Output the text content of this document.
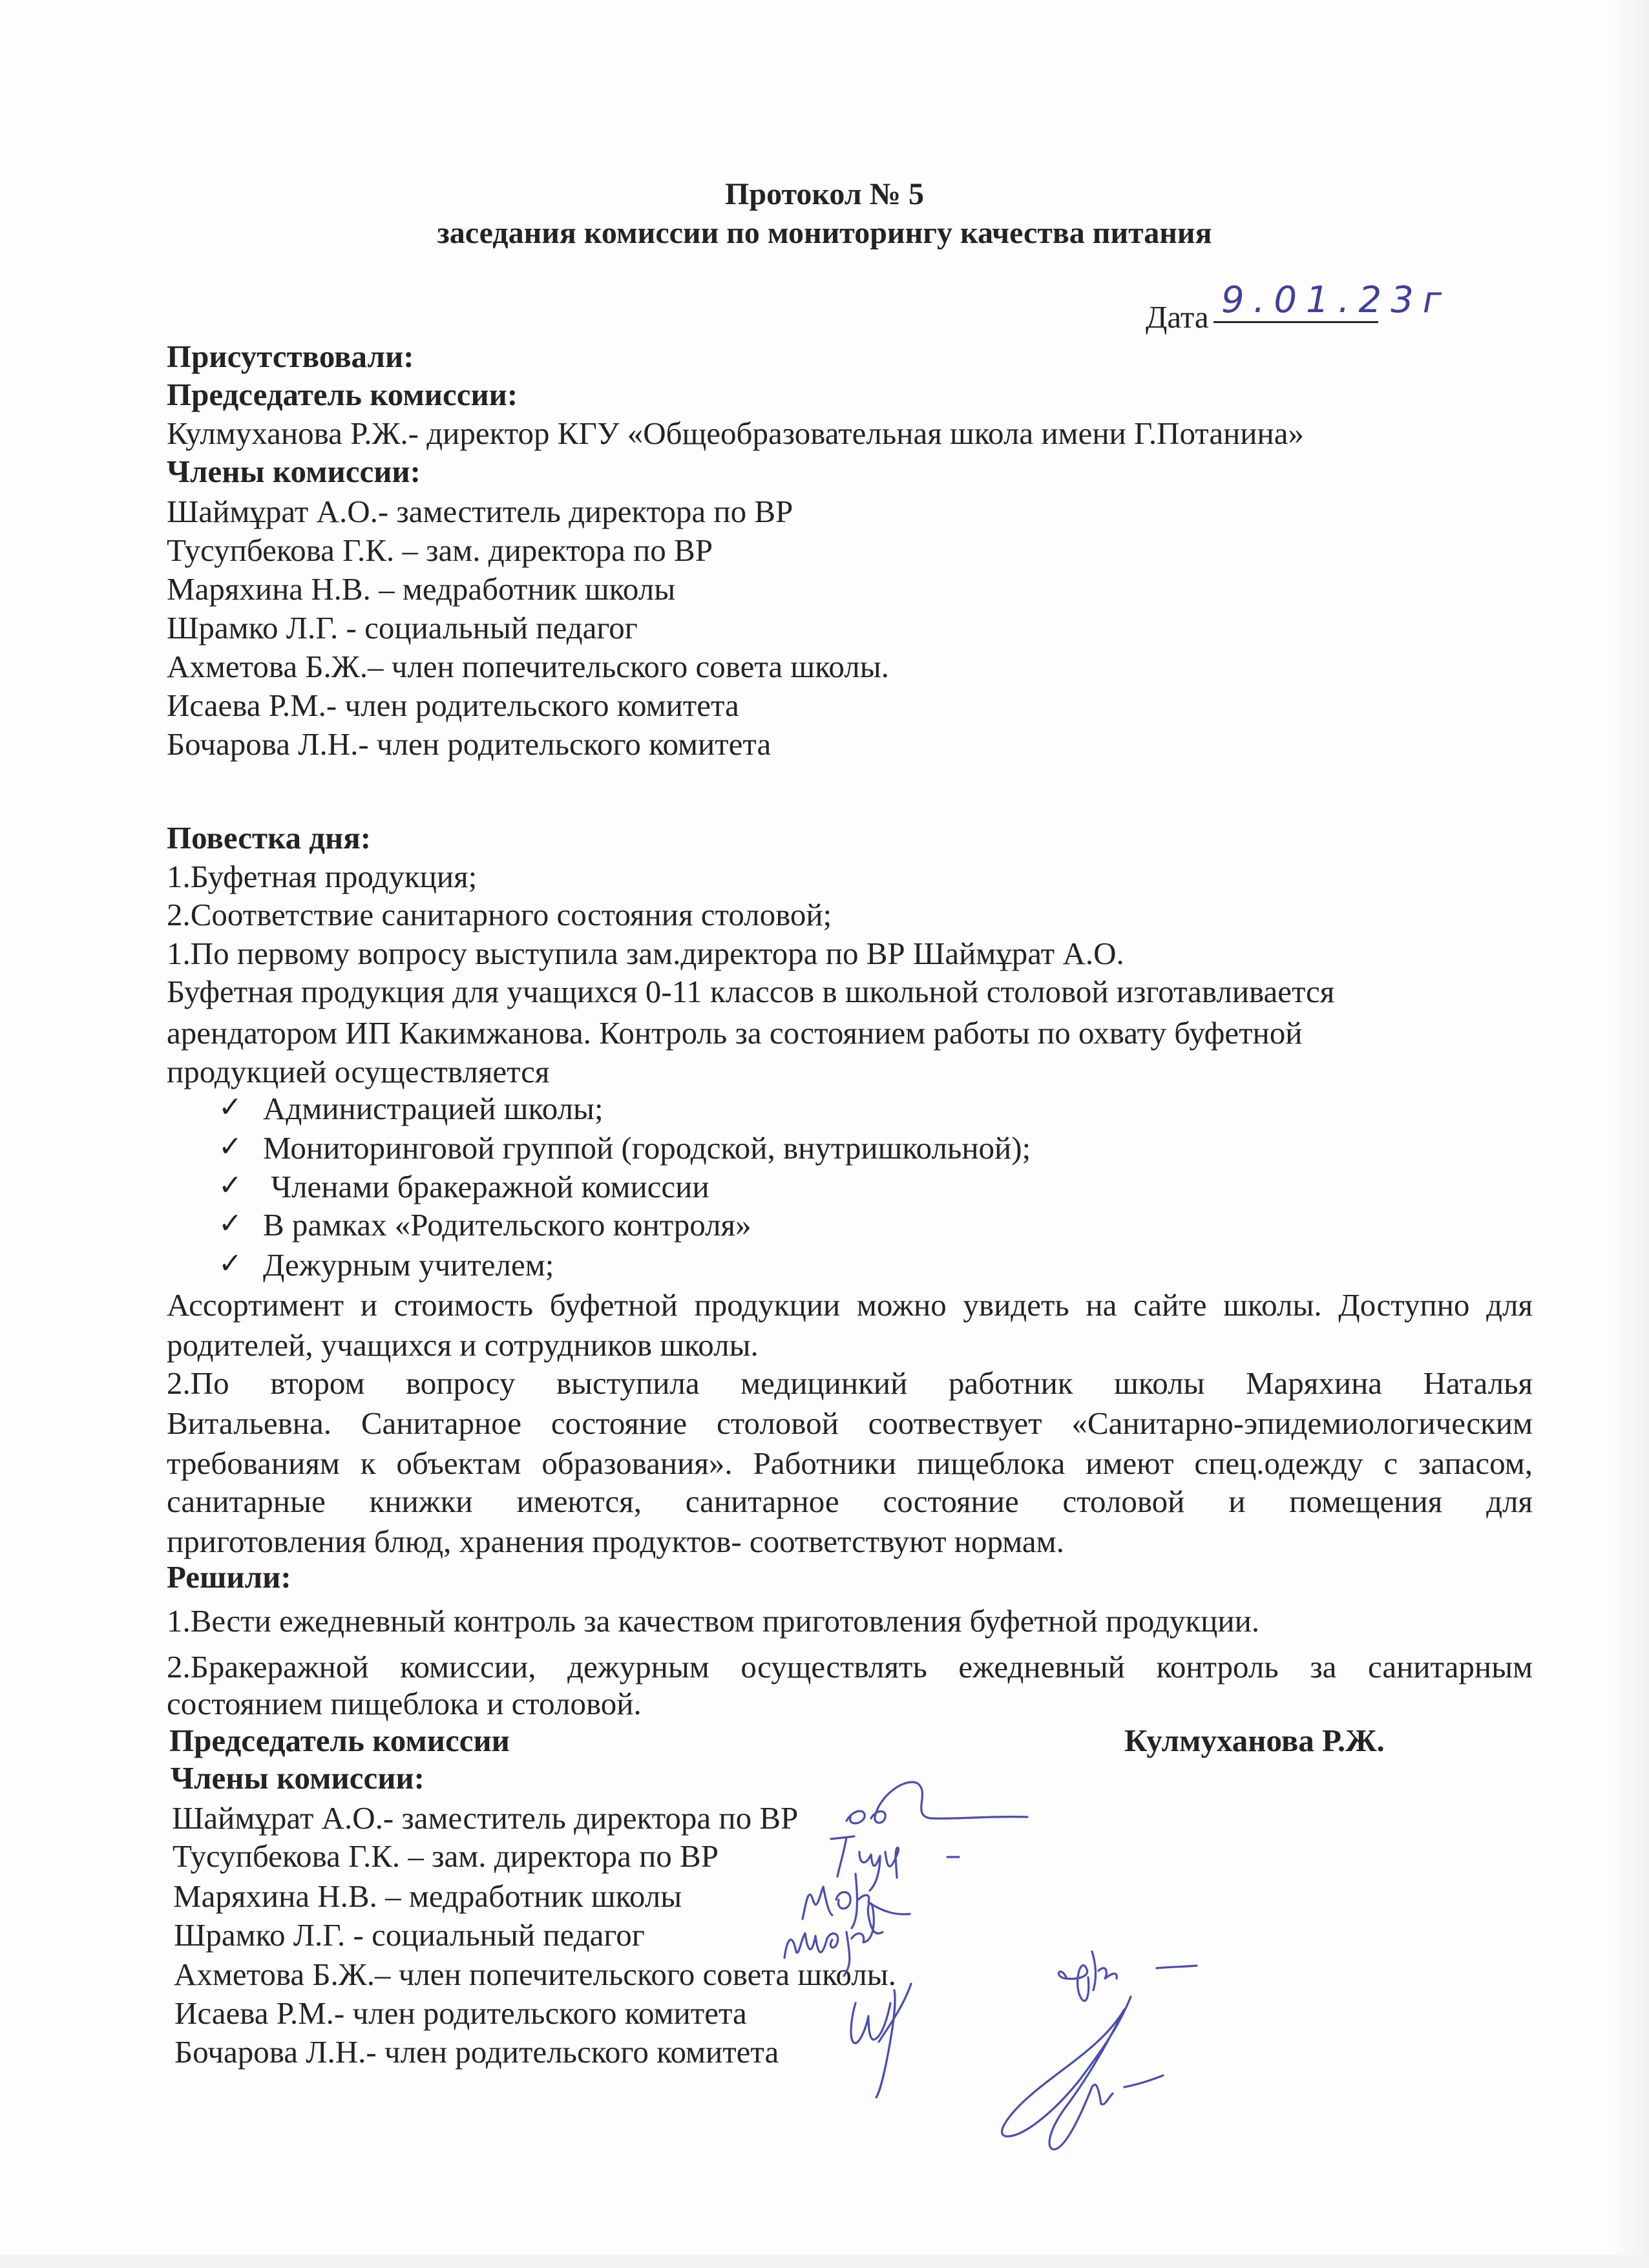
Протокол № 5
заседания комиссии по мониторингу качества питания
Дата 9.01.23г
Присутствовали:
Председатель комиссии:
Кулмуханова Р.Ж.- директор КГУ «Общеобразовательная школа имени Г.Потанина»
Члены комиссии:
Шаймұрат А.О.- заместитель директора по ВР
Тусупбекова Г.К. – зам. директора по ВР
Маряхина Н.В. – медработник школы
Шрамко Л.Г. - социальный педагог
Ахметова Б.Ж.– член попечительского совета школы.
Исаева Р.М.- член родительского комитета
Бочарова Л.Н.- член родительского комитета
Повестка дня:
1.Буфетная продукция;
2.Соответствие санитарного состояния столовой;
1.По первому вопросу выступила зам.директора по ВР Шаймұрат А.О.
Буфетная продукция для учащихся 0-11 классов в школьной столовой изготавливается
арендатором ИП Какимжанова. Контроль за состоянием работы по охвату буфетной
продукцией осуществляется
✓ Администрацией школы;
✓ Мониторинговой группой (городской, внутришкольной);
✓ Членами бракеражной комиссии
✓ В рамках «Родительского контроля»
✓ Дежурным учителем;
Ассортимент и стоимость буфетной продукции можно увидеть на сайте школы. Доступно для
родителей, учащихся и сотрудников школы.
2.По втором вопросу выступила медицинкий работник школы Маряхина Наталья
Витальевна. Санитарное состояние столовой соотвествует «Санитарно-эпидемиологическим
требованиям к объектам образования». Работники пищеблока имеют спец.одежду с запасом,
санитарные книжки имеются, санитарное состояние столовой и помещения для
приготовления блюд, хранения продуктов- соответствуют нормам.
Решили:
1.Вести ежедневный контроль за качеством приготовления буфетной продукции.
2.Бракеражной комиссии, дежурным осуществлять ежедневный контроль за санитарным
состоянием пищеблока и столовой.
Председатель комиссии	Кулмуханова Р.Ж.
Члены комиссии:
Шаймұрат А.О.- заместитель директора по ВР
Тусупбекова Г.К. – зам. директора по ВР
Маряхина Н.В. – медработник школы
Шрамко Л.Г. - социальный педагог
Ахметова Б.Ж.– член попечительского совета школы.
Исаева Р.М.- член родительского комитета
Бочарова Л.Н.- член родительского комитета
